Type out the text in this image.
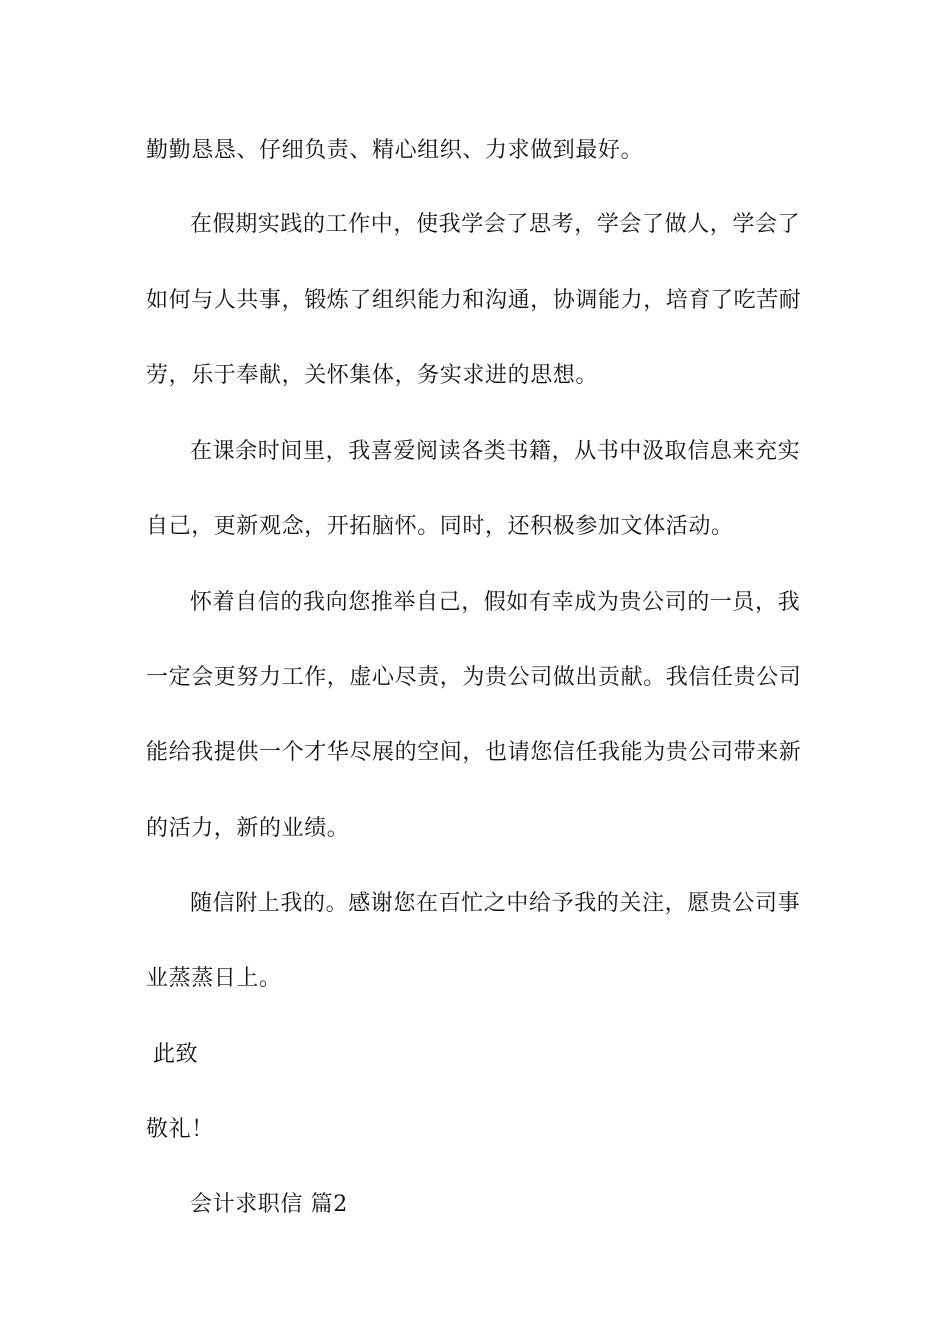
勤勤恳恳、仔细负责、精心组织、力求做到最好。
在假期实践的工作中，使我学会了思考，学会了做人，学会了
如何与人共事，锻炼了组织能力和沟通，协调能力，培育了吃苦耐
劳，乐于奉献，关怀集体，务实求进的思想。
在课余时间里，我喜爱阅读各类书籍，从书中汲取信息来充实
自己，更新观念，开拓脑怀。同时，还积极参加文体活动。
怀着自信的我向您推举自己，假如有幸成为贵公司的一员，我
一定会更努力工作，虚心尽责，为贵公司做出贡献。我信任贵公司
能给我提供一个才华尽展的空间，也请您信任我能为贵公司带来新
的活力，新的业绩。
随信附上我的。感谢您在百忙之中给予我的关注，愿贵公司事
业蒸蒸日上。
此致
敬礼！
会计求职信 篇2
